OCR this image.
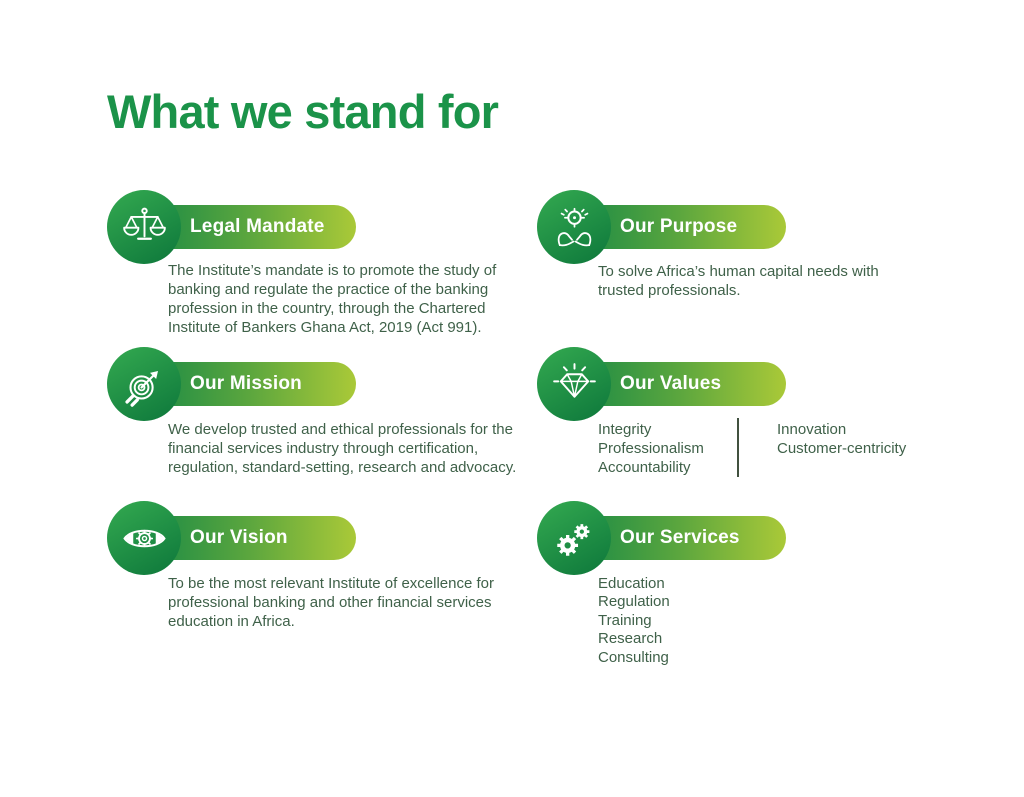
What we stand for
Legal Mandate

The Institute’s mandate is to promote the study of banking and regulate the practice of the banking profession in the country, through the Chartered Institute of Bankers Ghana Act, 2019 (Act 991).

Our Purpose

To solve Africa’s human capital needs with trusted professionals.

Our Mission

We develop trusted and ethical professionals for the financial services industry through certification, regulation, standard-setting, research and advocacy.

Our Values
Integrity
Professionalism
Accountability
Innovation
Customer-centricity
Our Vision

To be the most relevant Institute of excellence for professional banking and other financial services education in Africa.

Our Services
Education
Regulation
Training
Research
Consulting
